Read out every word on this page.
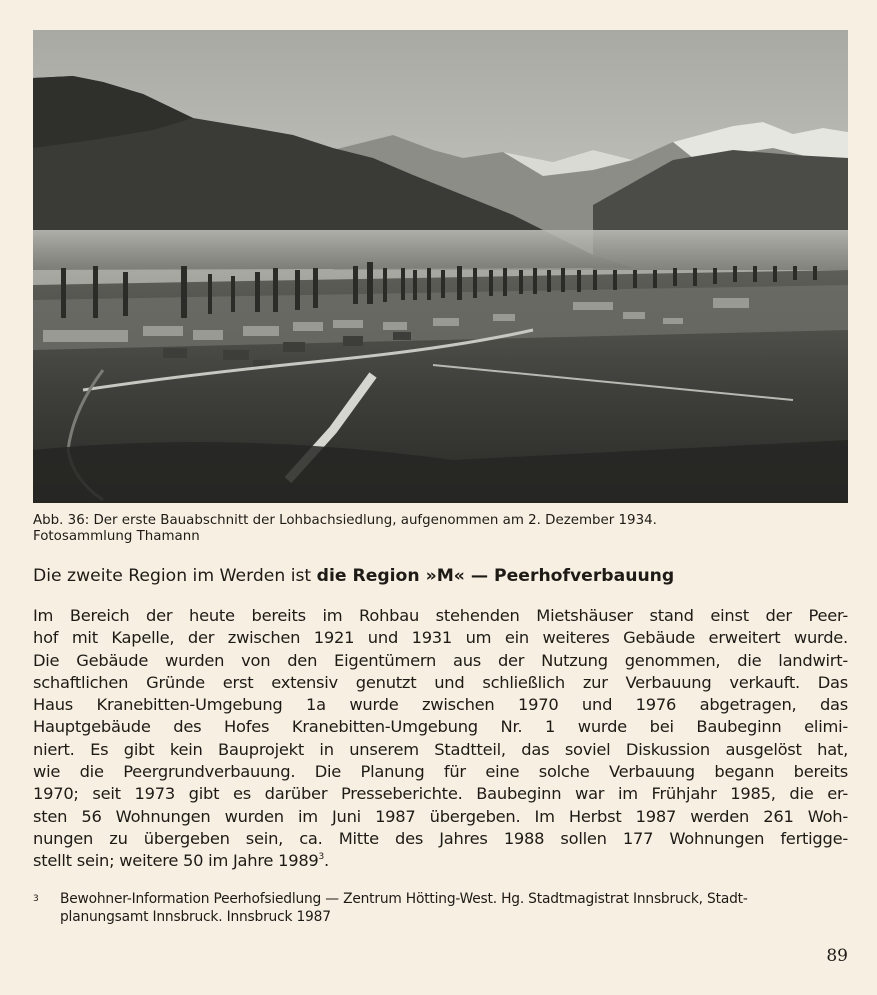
Abb. 36: Der erste Bauabschnitt der Lohbachsiedlung, aufgenommen am 2. Dezember 1934.
Fotosammlung Thamann
Die zweite Region im Werden ist die Region »M« — Peerhofverbauung
Im Bereich der heute bereits im Rohbau stehenden Mietshäuser stand einst der Peer-
hof mit Kapelle, der zwischen 1921 und 1931 um ein weiteres Gebäude erweitert wurde.
Die Gebäude wurden von den Eigentümern aus der Nutzung genommen, die landwirt-
schaftlichen Gründe erst extensiv genutzt und schließlich zur Verbauung verkauft. Das
Haus Kranebitten-Umgebung 1a wurde zwischen 1970 und 1976 abgetragen, das
Hauptgebäude des Hofes Kranebitten-Umgebung Nr. 1 wurde bei Baubeginn elimi-
niert. Es gibt kein Bauprojekt in unserem Stadtteil, das soviel Diskussion ausgelöst hat,
wie die Peergrundverbauung. Die Planung für eine solche Verbauung begann bereits
1970; seit 1973 gibt es darüber Presseberichte. Baubeginn war im Frühjahr 1985, die er-
sten 56 Wohnungen wurden im Juni 1987 übergeben. Im Herbst 1987 werden 261 Woh-
nungen zu übergeben sein, ca. Mitte des Jahres 1988 sollen 177 Wohnungen fertigge-
stellt sein; weitere 50 im Jahre 1989$^3$.
3 Bewohner-Information Peerhofsiedlung — Zentrum Hötting-West. Hg. Stadtmagistrat Innsbruck, Stadt-
planungsamt Innsbruck. Innsbruck 1987
89
